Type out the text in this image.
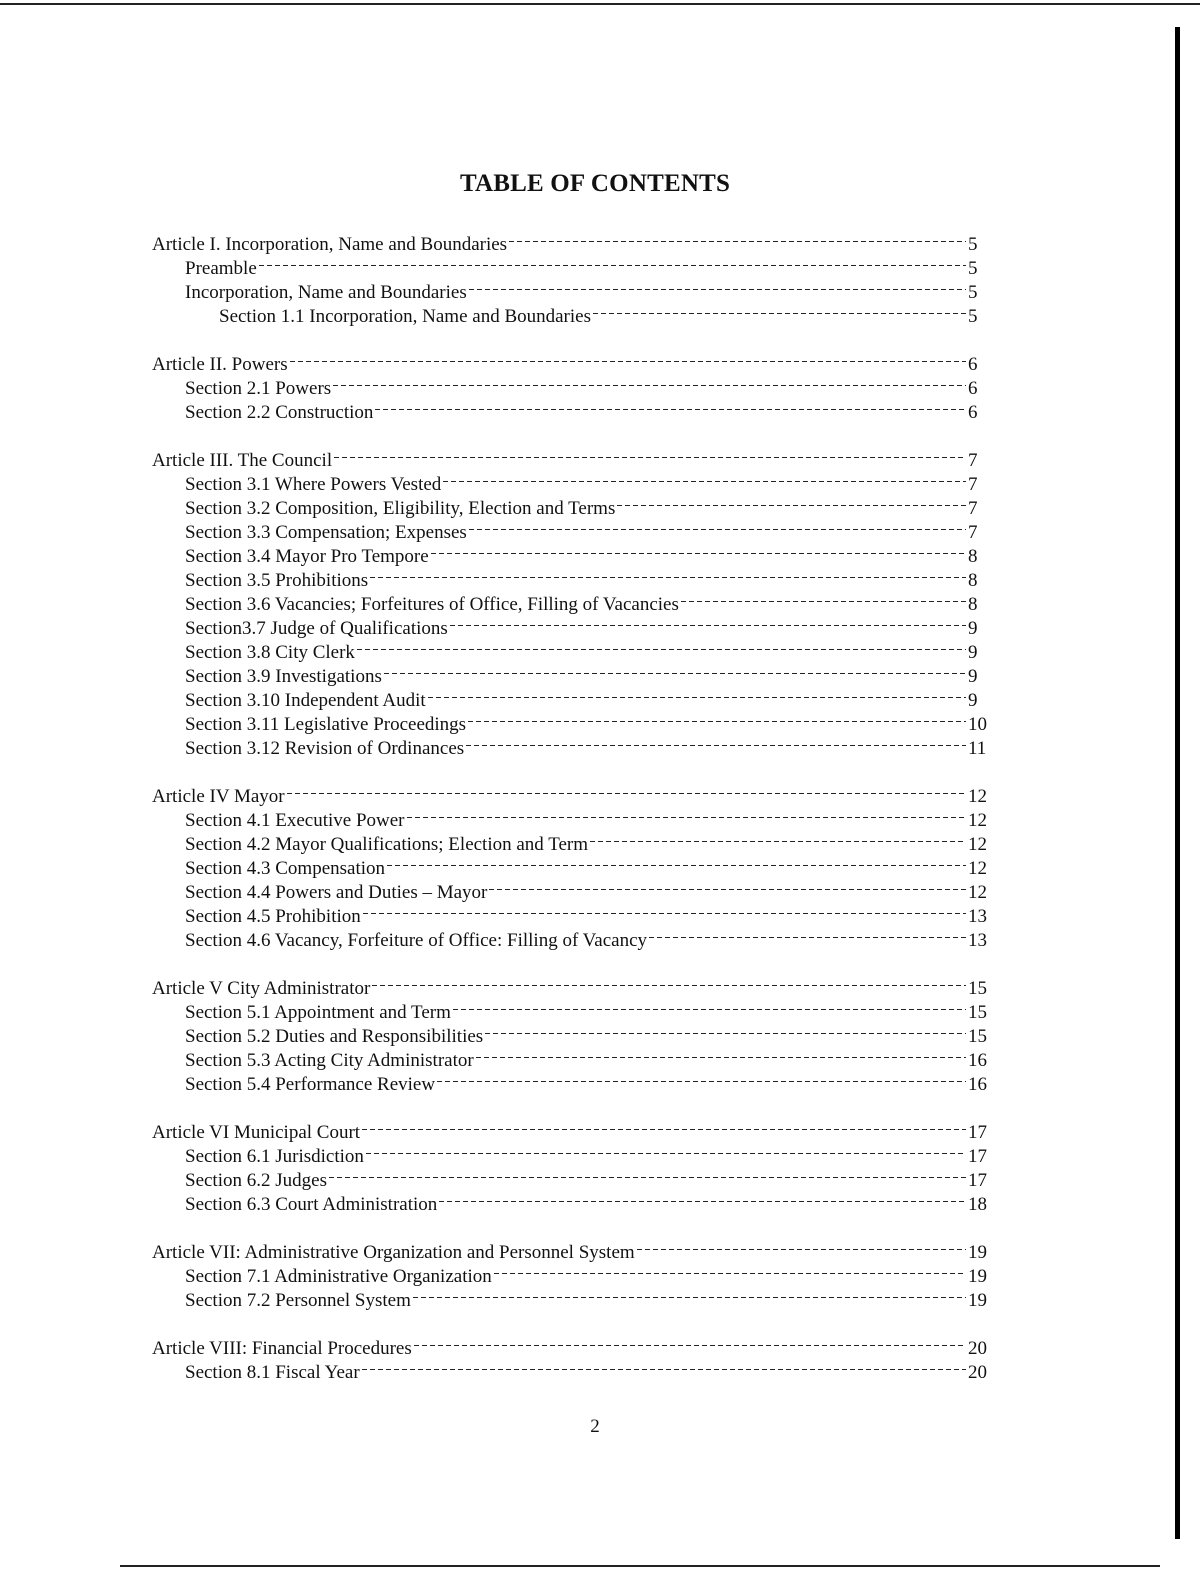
TABLE OF CONTENTS
Article I. Incorporation, Name and Boundaries	5
Preamble	5
Incorporation, Name and Boundaries	5
Section 1.1 Incorporation, Name and Boundaries	5
Article II. Powers	6
Section 2.1 Powers	6
Section 2.2 Construction	6
Article III. The Council	7
Section 3.1 Where Powers Vested	7
Section 3.2 Composition, Eligibility, Election and Terms	7
Section 3.3 Compensation; Expenses	7
Section 3.4 Mayor Pro Tempore	8
Section 3.5 Prohibitions	8
Section 3.6 Vacancies; Forfeitures of Office, Filling of Vacancies	8
Section3.7 Judge of Qualifications	9
Section 3.8 City Clerk	9
Section 3.9 Investigations	9
Section 3.10 Independent Audit	9
Section 3.11 Legislative Proceedings	10
Section 3.12 Revision of Ordinances	11
Article IV Mayor	12
Section 4.1 Executive Power	12
Section 4.2 Mayor Qualifications; Election and Term	12
Section 4.3 Compensation	12
Section 4.4 Powers and Duties – Mayor	12
Section 4.5 Prohibition	13
Section 4.6 Vacancy, Forfeiture of Office: Filling of Vacancy	13
Article V City Administrator	15
Section 5.1 Appointment and Term	15
Section 5.2 Duties and Responsibilities	15
Section 5.3 Acting City Administrator	16
Section 5.4 Performance Review	16
Article VI Municipal Court	17
Section 6.1 Jurisdiction	17
Section 6.2 Judges	17
Section 6.3 Court Administration	18
Article VII: Administrative Organization and Personnel System	19
Section 7.1 Administrative Organization	19
Section 7.2 Personnel System	19
Article VIII: Financial Procedures	20
Section 8.1 Fiscal Year	20
2
